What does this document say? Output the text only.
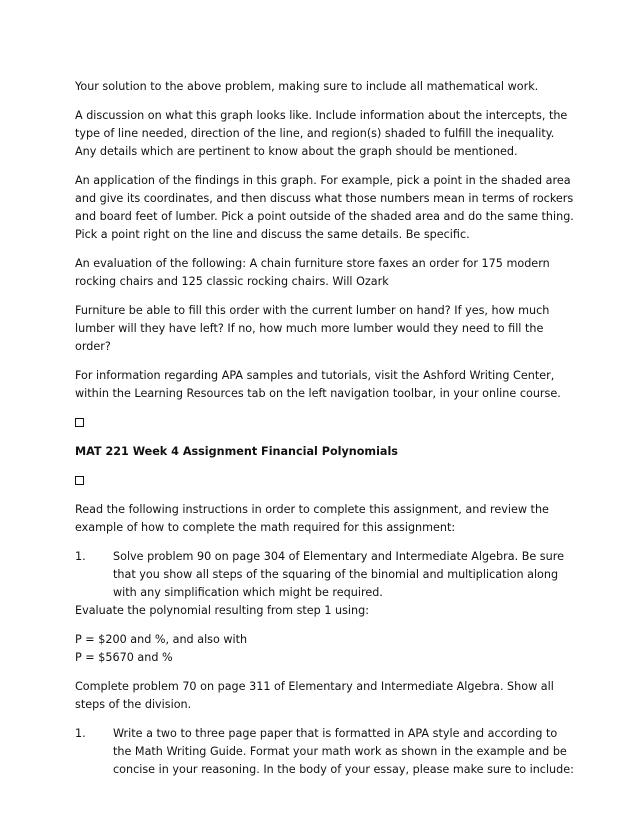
Your solution to the above problem, making sure to include all mathematical work.

A discussion on what this graph looks like. Include information about the intercepts, the type of line needed, direction of the line, and region(s) shaded to fulfill the inequality. Any details which are pertinent to know about the graph should be mentioned.

An application of the findings in this graph. For example, pick a point in the shaded area and give its coordinates, and then discuss what those numbers mean in terms of rockers and board feet of lumber. Pick a point outside of the shaded area and do the same thing. Pick a point right on the line and discuss the same details. Be specific.

An evaluation of the following: A chain furniture store faxes an order for 175 modern rocking chairs and 125 classic rocking chairs. Will Ozark

Furniture be able to fill this order with the current lumber on hand? If yes, how much lumber will they have left? If no, how much more lumber would they need to fill the order?

For information regarding APA samples and tutorials, visit the Ashford Writing Center, within the Learning Resources tab on the left navigation toolbar, in your online course.

MAT 221 Week 4 Assignment Financial Polynomials

Read the following instructions in order to complete this assignment, and review the example of how to complete the math required for this assignment:

1. Solve problem 90 on page 304 of Elementary and Intermediate Algebra. Be sure that you show all steps of the squaring of the binomial and multiplication along with any simplification which might be required.

Evaluate the polynomial resulting from step 1 using:

P = $200 and %, and also with
P = $5670 and %

Complete problem 70 on page 311 of Elementary and Intermediate Algebra. Show all steps of the division.

1. Write a two to three page paper that is formatted in APA style and according to the Math Writing Guide. Format your math work as shown in the example and be concise in your reasoning. In the body of your essay, please make sure to include:
